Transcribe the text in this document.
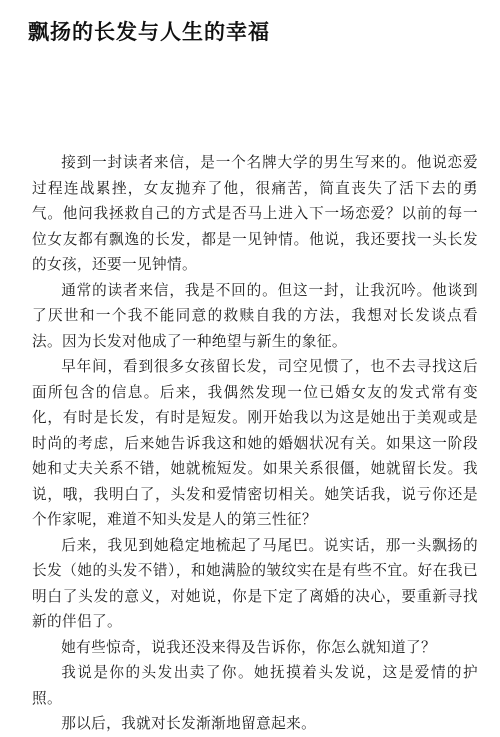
飘扬的长发与人生的幸福

接到一封读者来信，是一个名牌大学的男生写来的。他说恋爱过程连战累挫，女友抛弃了他，很痛苦，简直丧失了活下去的勇气。他问我拯救自己的方式是否马上进入下一场恋爱？以前的每一位女友都有飘逸的长发，都是一见钟情。他说，我还要找一头长发的女孩，还要一见钟情。

通常的读者来信，我是不回的。但这一封，让我沉吟。他谈到了厌世和一个我不能同意的救赎自我的方法，我想对长发谈点看法。因为长发对他成了一种绝望与新生的象征。

早年间，看到很多女孩留长发，司空见惯了，也不去寻找这后面所包含的信息。后来，我偶然发现一位已婚女友的发式常有变化，有时是长发，有时是短发。刚开始我以为这是她出于美观或是时尚的考虑，后来她告诉我这和她的婚姻状况有关。如果这一阶段她和丈夫关系不错，她就梳短发。如果关系很僵，她就留长发。我说，哦，我明白了，头发和爱情密切相关。她笑话我，说亏你还是个作家呢，难道不知头发是人的第三性征？

后来，我见到她稳定地梳起了马尾巴。说实话，那一头飘扬的长发（她的头发不错），和她满脸的皱纹实在是有些不宜。好在我已明白了头发的意义，对她说，你是下定了离婚的决心，要重新寻找新的伴侣了。

她有些惊奇，说我还没来得及告诉你，你怎么就知道了？

我说是你的头发出卖了你。她抚摸着头发说，这是爱情的护照。

那以后，我就对长发渐渐地留意起来。
